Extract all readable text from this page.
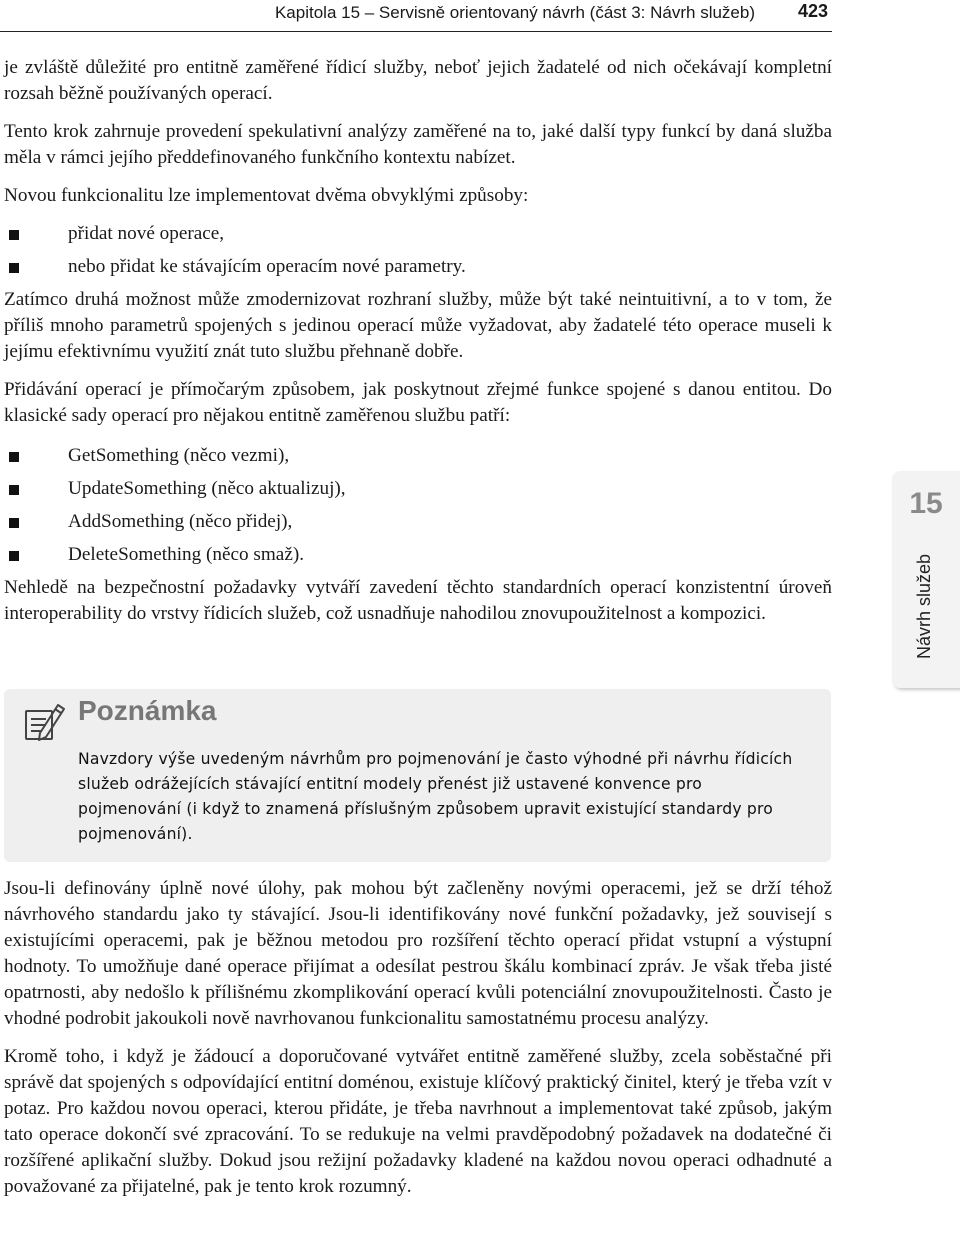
Kapitola 15 – Servisně orientovaný návrh (část 3: Návrh služeb) 423

je zvláště důležité pro entitně zaměřené řídicí služby, neboť jejich žadatelé od nich očekávají kompletní rozsah běžně používaných operací.

Tento krok zahrnuje provedení spekulativní analýzy zaměřené na to, jaké další typy funkcí by daná služba měla v rámci jejího předdefinovaného funkčního kontextu nabízet.

Novou funkcionalitu lze implementovat dvěma obvyklými způsoby:

přidat nové operace,
nebo přidat ke stávajícím operacím nové parametry.

Zatímco druhá možnost může zmodernizovat rozhraní služby, může být také neintuitivní, a to v tom, že příliš mnoho parametrů spojených s jedinou operací může vyžadovat, aby žadatelé této operace museli k jejímu efektivnímu využití znát tuto službu přehnaně dobře.

Přidávání operací je přímočarým způsobem, jak poskytnout zřejmé funkce spojené s danou entitou. Do klasické sady operací pro nějakou entitně zaměřenou službu patří:

GetSomething (něco vezmi),
UpdateSomething (něco aktualizuj),
AddSomething (něco přidej),
DeleteSomething (něco smaž).

Nehledě na bezpečnostní požadavky vytváří zavedení těchto standardních operací konzistentní úroveň interoperability do vrstvy řídicích služeb, což usnadňuje nahodilou znovupoužitelnost a kompozici.

Poznámka
Navzdory výše uvedeným návrhům pro pojmenování je často výhodné při návrhu řídicích služeb odrážejících stávající entitní modely přenést již ustavené konvence pro pojmenování (i když to znamená příslušným způsobem upravit existující standardy pro pojmenování).
15
Návrh služeb

Jsou-li definovány úplně nové úlohy, pak mohou být začleněny novými operacemi, jež se drží téhož návrhového standardu jako ty stávající. Jsou-li identifikovány nové funkční požadavky, jež souvisejí s existujícími operacemi, pak je běžnou metodou pro rozšíření těchto operací přidat vstupní a výstupní hodnoty. To umožňuje dané operace přijímat a odesílat pestrou škálu kombinací zpráv. Je však třeba jisté opatrnosti, aby nedošlo k přílišnému zkomplikování operací kvůli potenciální znovupoužitelnosti. Často je vhodné podrobit jakoukoli nově navrhovanou funkcionalitu samostatnému procesu analýzy.

Kromě toho, i když je žádoucí a doporučované vytvářet entitně zaměřené služby, zcela soběstačné při správě dat spojených s odpovídající entitní doménou, existuje klíčový praktický činitel, který je třeba vzít v potaz. Pro každou novou operaci, kterou přidáte, je třeba navrhnout a implementovat také způsob, jakým tato operace dokončí své zpracování. To se redukuje na velmi pravděpodobný požadavek na dodatečné či rozšířené aplikační služby. Dokud jsou režijní požadavky kladené na každou novou operaci odhadnuté a považované za přijatelné, pak je tento krok rozumný.
